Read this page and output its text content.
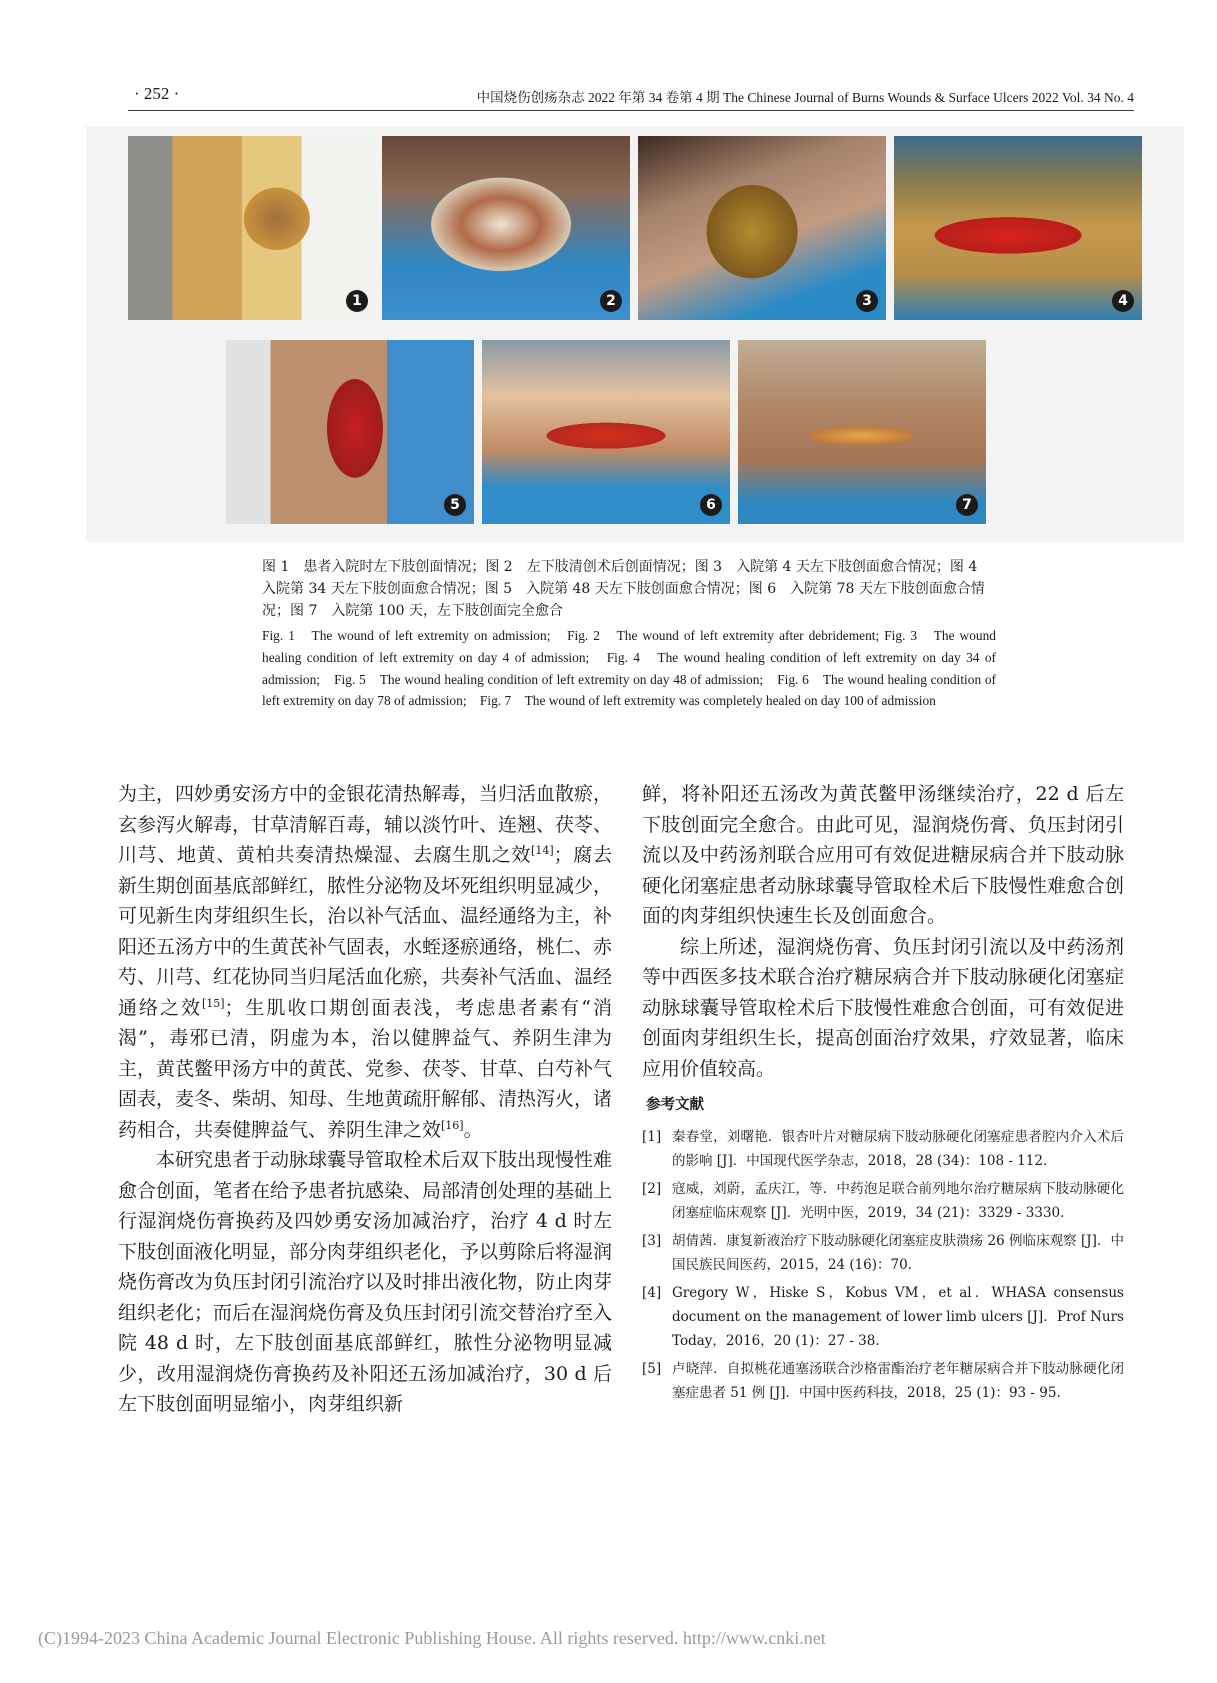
· 252 ·	中国烧伤创疡杂志 2022 年第 34 卷第 4 期 The Chinese Journal of Burns Wounds & Surface Ulcers 2022 Vol. 34 No. 4
1	2	3	4
5	6	7
图 1　患者入院时左下肢创面情况；图 2　左下肢清创术后创面情况；图 3　入院第 4 天左下肢创面愈合情况；图 4　入院第 34 天左下肢创面愈合情况；图 5　入院第 48 天左下肢创面愈合情况；图 6　入院第 78 天左下肢创面愈合情况；图 7　入院第 100 天，左下肢创面完全愈合
Fig. 1　The wound of left extremity on admission;　Fig. 2　The wound of left extremity after debridement; Fig. 3　The wound healing condition of left extremity on day 4 of admission;　Fig. 4　The wound healing condition of left extremity on day 34 of admission;　Fig. 5　The wound healing condition of left extremity on day 48 of admission;　Fig. 6　The wound healing condition of left extremity on day 78 of admission;　Fig. 7　The wound of left extremity was completely healed on day 100 of admission

为主，四妙勇安汤方中的金银花清热解毒，当归活血散瘀，玄参泻火解毒，甘草清解百毒，辅以淡竹叶、连翘、茯苓、川芎、地黄、黄柏共奏清热燥湿、去腐生肌之效[14]；腐去新生期创面基底部鲜红，脓性分泌物及坏死组织明显减少，可见新生肉芽组织生长，治以补气活血、温经通络为主，补阳还五汤方中的生黄芪补气固表，水蛭逐瘀通络，桃仁、赤芍、川芎、红花协同当归尾活血化瘀，共奏补气活血、温经通络之效[15]；生肌收口期创面表浅，考虑患者素有“消渴”，毒邪已清，阴虚为本，治以健脾益气、养阴生津为主，黄芪鳖甲汤方中的黄芪、党参、茯苓、甘草、白芍补气固表，麦冬、柴胡、知母、生地黄疏肝解郁、清热泻火，诸药相合，共奏健脾益气、养阴生津之效[16]。

本研究患者于动脉球囊导管取栓术后双下肢出现慢性难愈合创面，笔者在给予患者抗感染、局部清创处理的基础上行湿润烧伤膏换药及四妙勇安汤加减治疗，治疗 4 d 时左下肢创面液化明显，部分肉芽组织老化，予以剪除后将湿润烧伤膏改为负压封闭引流治疗以及时排出液化物，防止肉芽组织老化；而后在湿润烧伤膏及负压封闭引流交替治疗至入院 48 d 时，左下肢创面基底部鲜红，脓性分泌物明显减少，改用湿润烧伤膏换药及补阳还五汤加减治疗，30 d 后左下肢创面明显缩小，肉芽组织新

鲜，将补阳还五汤改为黄芪鳖甲汤继续治疗，22 d 后左下肢创面完全愈合。由此可见，湿润烧伤膏、负压封闭引流以及中药汤剂联合应用可有效促进糖尿病合并下肢动脉硬化闭塞症患者动脉球囊导管取栓术后下肢慢性难愈合创面的肉芽组织快速生长及创面愈合。

综上所述，湿润烧伤膏、负压封闭引流以及中药汤剂等中西医多技术联合治疗糖尿病合并下肢动脉硬化闭塞症动脉球囊导管取栓术后下肢慢性难愈合创面，可有效促进创面肉芽组织生长，提高创面治疗效果，疗效显著，临床应用价值较高。

参考文献
[1] 秦春堂，刘曙艳．银杏叶片对糖尿病下肢动脉硬化闭塞症患者腔内介入术后的影响 [J]．中国现代医学杂志，2018，28 (34)：108 - 112.
[2] 寇威，刘蔚，孟庆江，等．中药泡足联合前列地尔治疗糖尿病下肢动脉硬化闭塞症临床观察 [J]．光明中医，2019，34 (21)：3329 - 3330.
[3] 胡倩茜．康复新液治疗下肢动脉硬化闭塞症皮肤溃疡 26 例临床观察 [J]．中国民族民间医药，2015，24 (16)：70.
[4] Gregory W，Hiske S，Kobus VM，et al．WHASA consensus document on the management of lower limb ulcers [J]．Prof Nurs Today，2016，20 (1)：27 - 38.
[5] 卢晓萍．自拟桃花通塞汤联合沙格雷酯治疗老年糖尿病合并下肢动脉硬化闭塞症患者 51 例 [J]．中国中医药科技，2018，25 (1)：93 - 95.
(C)1994-2023 China Academic Journal Electronic Publishing House. All rights reserved. http://www.cnki.net
